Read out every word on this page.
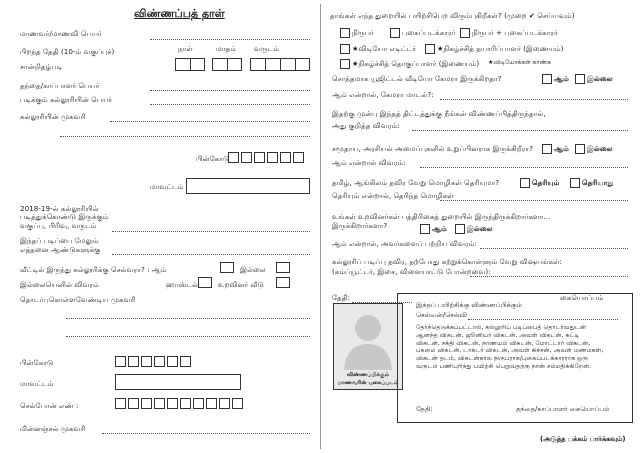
விண்ணப்பத் தாள்
மாணவர்/மாணவி பெயர்
பிறந்த தேதி (10-ம் வகுப்புச்)
சான்றிதழ்படி
நாள்	மாதம் வருடம்
தந்தை/காப்பாளர் பெயர்
படிக்கும் கல்லூரியின் பெயர்
கல்லூரியின் முகவரி
பின்கோடு
மாவட்டம்
2018-19-ல் கல்லூரியில்
படித்துக்கொண்டு இருக்கும்
வகுப்பு, பிரிவு, வருடம்
இந்தப் படிப்பை மேலும்
எத்தனை ஆண்டுகளுக்கு
வீட்டில் இருந்து கல்லூரிக்கு செல்வரா? : ஆம்	இல்லை
இல்லையெனில் விவரம்	ஹாஸ்டல்	உறவினர் வீடு
தொடர்புகொள்ளவேண்டிய முகவரி
பின்கோடு
மாவட்டம்
செல்போன் எண் :
மின்னஞ்சல் முகவரி
தாங்கள் எந்த துறையில் பயிற்சிபெற விரும்புகிறீகள்? (முறை ✔ செய்யவும்)
நிருபர்	புகைப்படக்காரர்	நிருபர் + புகைப்படக்காரர்
★விடியோ எடிட்டர்	★நிகழ்ச்சித் தயாரிப்பாளர் (இணையம்)
★நிகழ்ச்சித் தொகுப்பாளர் (இணையம்) ★விடியோக்கள் காண்க
சொந்தமாக யூஜிட்டல் வீடியோ கேமரா இருக்கிறதா?	ஆம்	இல்லை
ஆம் என்றால், கேமரா மாடல்?:
இதற்கு முன்பு இந்தத் திட்டத்துக்கு நீங்கள் விண்ணப்பித்திருந்தால்,
அது குறித்த விவரம்:
சமூதாய, அரசியல் அமைப்புகளில் உறுப்பினராக இருக்கிறீரா?	ஆம்	இல்லை
ஆம் என்றால் விவரம்:
தமிழ், ஆங்கிலம் தவிர வேறு மொழிகள் தெரியுமா?	தெரியும்	தெரியாது
தெரியும் என்றால், தெரிந்த மொழிகள்
உங்கள் உறவினர்கள் பத்திரிகைத் துறையில் இருந்திருக்கிறார்களா...
இருக்கிறார்களா?	ஆம்	இல்லை
ஆம் என்றால், அவர்களைப் பற்றிய விவரம்:
கல்லூரிப் படிப்பு தவிர, தற்போது கற்றுக்கொள்ளும் வேறு விஷயங்கள்:
(கம்ப்யூட்டர், இசை, விளையாட்டு போன்றவை):
தேதி:	கையொப்பம்
விண்ணப்பிக்கும்
மாணவரின் புகைப்படம்
இந்தப் பயிற்சிக்கு விண்ணப்பிக்கும்
செல்வன்/செல்வி
தேர்ந்தெடுக்கப்பட்டால், கல்லூரிப் படிப்பைத் தொடர்வதுடன்
ஆனந்த விகடன், ஜூனியர் விகடன், அவள் விகடன், சுட்டி
விகடன், சக்தி விகடன், நாணயம் விகடன், மோட்டார் விகடன்,
பசுமை விகடன், டாக்டர் விகடன், அவள் கிச்சன், அவள் மணமகள்,
விகடன் தடம், விகடன்கால நிருபராக/புகைப்படக்காரராக ஒரு
வருடம் பணிபுரிந்து பயிற்சி பெறுவதற்கு நான் சம்மதிக்கிறேன்.
தேதி:	தந்தை/காப்பாளர் கையொப்பம்
(அடுத்த பக்கம் பார்க்கவும்)
